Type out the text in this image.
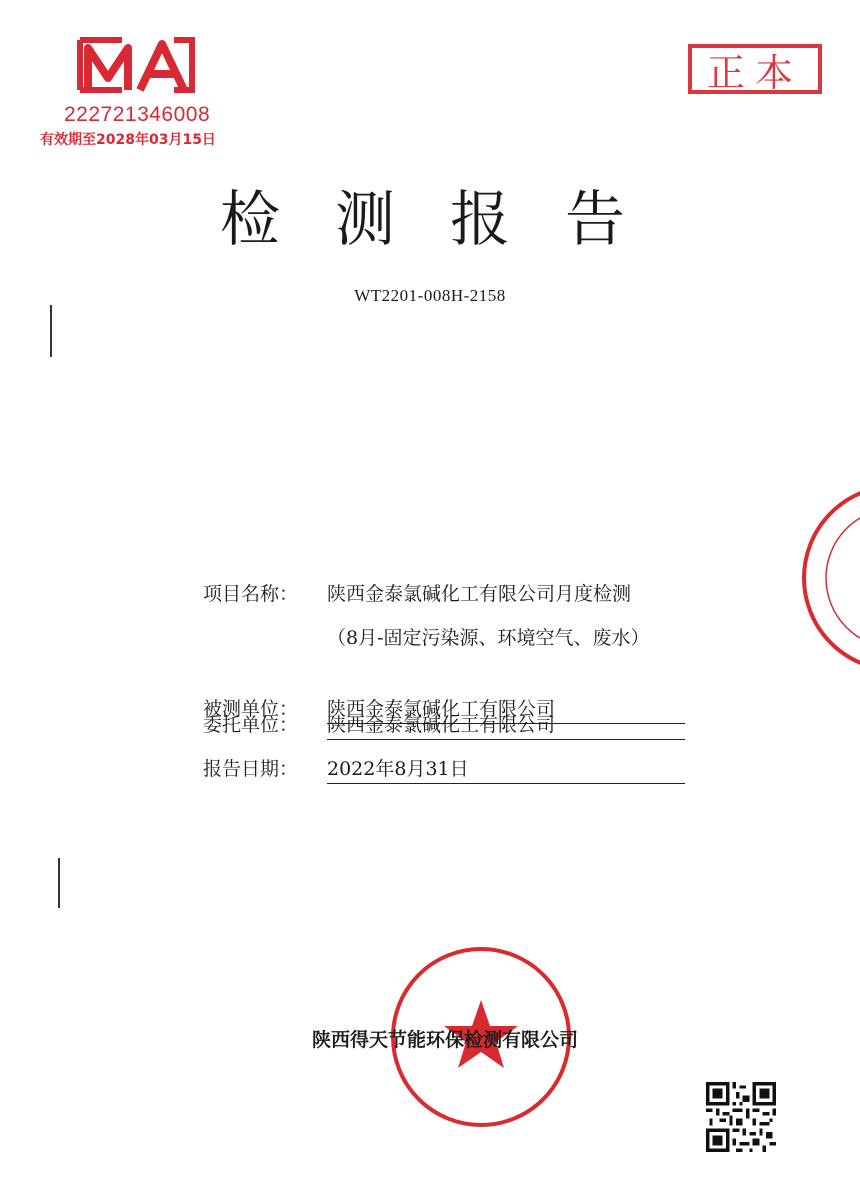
222721346008
有效期至2028年03月15日
正本
检测报告
WT2201-008H-2158
项目名称： 陕西金泰氯碱化工有限公司月度检测
（8月-固定污染源、环境空气、废水）
被测单位： 陕西金泰氯碱化工有限公司
委托单位： 陕西金泰氯碱化工有限公司
报告日期： 2022年8月31日
陕西得天节能环保检测有限公司
